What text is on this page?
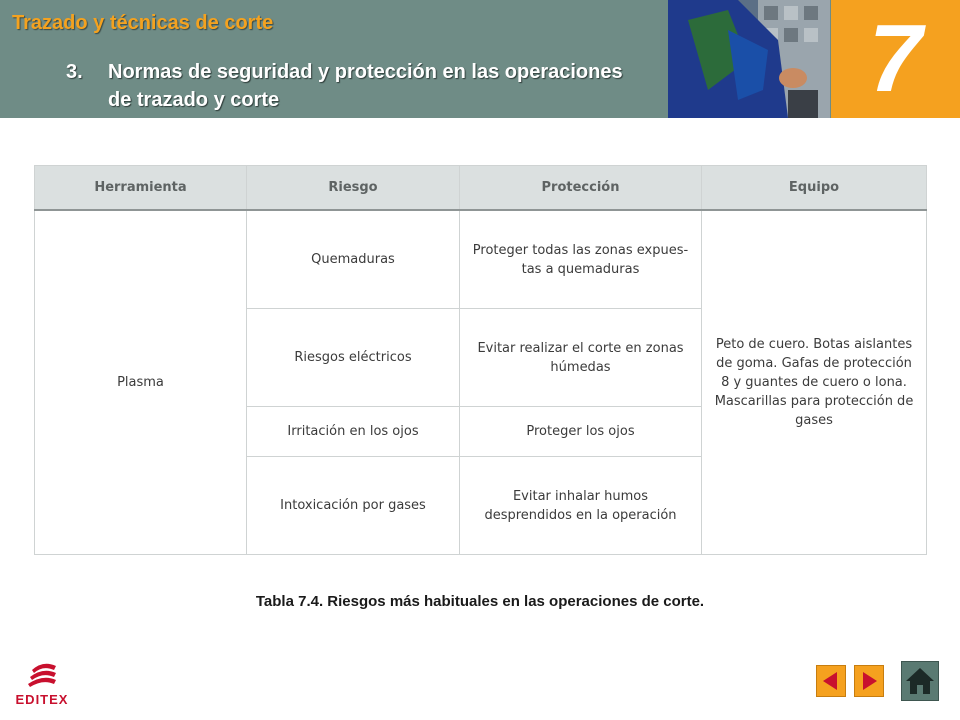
Trazado y técnicas de corte
3. Normas de seguridad y protección en las operaciones de trazado y corte	7
Herramienta	Riesgo	Protección	Equipo
Plasma	Quemaduras	Proteger todas las zonas expues-tas a quemaduras	Peto de cuero. Botas aislantes de goma. Gafas de protección 8 y guantes de cuero o lona. Mascarillas para protección de gases
	Riesgos eléctricos	Evitar realizar el corte en zonas húmedas	
	Irritación en los ojos	Proteger los ojos	
	Intoxicación por gases	Evitar inhalar humos desprendidos en la operación	
Tabla 7.4. Riesgos más habituales en las operaciones de corte.
EDITEX
